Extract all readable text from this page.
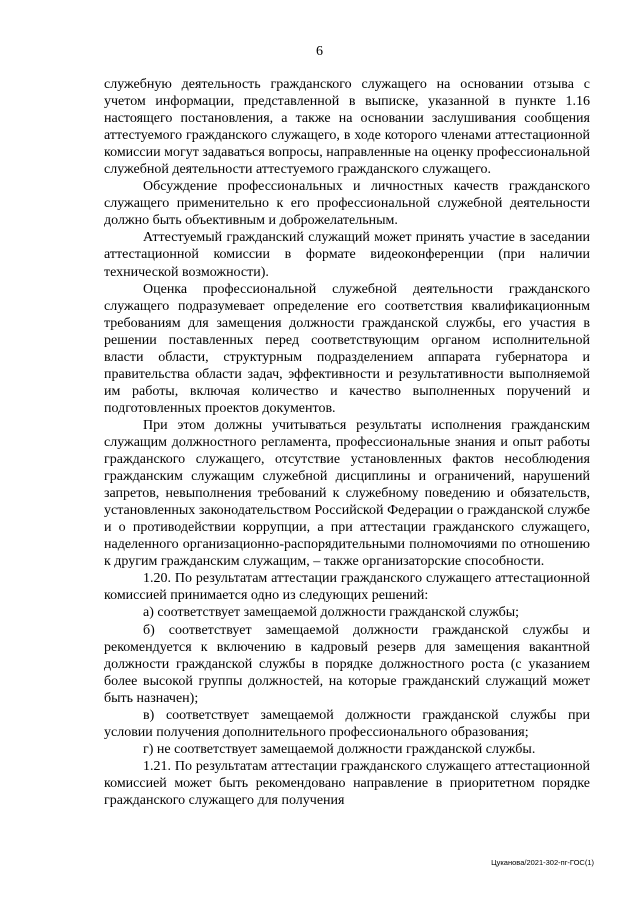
6

служебную деятельность гражданского служащего на основании отзыва с учетом информации, представленной в выписке, указанной в пункте 1.16 настоящего постановления, а также на основании заслушивания сообщения аттестуемого гражданского служащего, в ходе которого членами аттестационной комиссии могут задаваться вопросы, направленные на оценку профессиональной служебной деятельности аттестуемого гражданского служащего.

Обсуждение профессиональных и личностных качеств гражданского служащего применительно к его профессиональной служебной деятельности должно быть объективным и доброжелательным.

Аттестуемый гражданский служащий может принять участие в заседании аттестационной комиссии в формате видеоконференции (при наличии технической возможности).

Оценка профессиональной служебной деятельности гражданского служащего подразумевает определение его соответствия квалификационным требованиям для замещения должности гражданской службы, его участия в решении поставленных перед соответствующим органом исполнительной власти области, структурным подразделением аппарата губернатора и правительства области задач, эффективности и результативности выполняемой им работы, включая количество и качество выполненных поручений и подготовленных проектов документов.

При этом должны учитываться результаты исполнения гражданским служащим должностного регламента, профессиональные знания и опыт работы гражданского служащего, отсутствие установленных фактов несоблюдения гражданским служащим служебной дисциплины и ограничений, нарушений запретов, невыполнения требований к служебному поведению и обязательств, установленных законодательством Российской Федерации о гражданской службе и о противодействии коррупции, а при аттестации гражданского служащего, наделенного организационно-распорядительными полномочиями по отношению к другим гражданским служащим, – также организаторские способности.

1.20. По результатам аттестации гражданского служащего аттестационной комиссией принимается одно из следующих решений:

а) соответствует замещаемой должности гражданской службы;

б) соответствует замещаемой должности гражданской службы и рекомендуется к включению в кадровый резерв для замещения вакантной должности гражданской службы в порядке должностного роста (с указанием более высокой группы должностей, на которые гражданский служащий может быть назначен);

в) соответствует замещаемой должности гражданской службы при условии получения дополнительного профессионального образования;

г) не соответствует замещаемой должности гражданской службы.

1.21. По результатам аттестации гражданского служащего аттестационной комиссией может быть рекомендовано направление в приоритетном порядке гражданского служащего для получения

Цуканова/2021-302-пг-ГОС(1)
